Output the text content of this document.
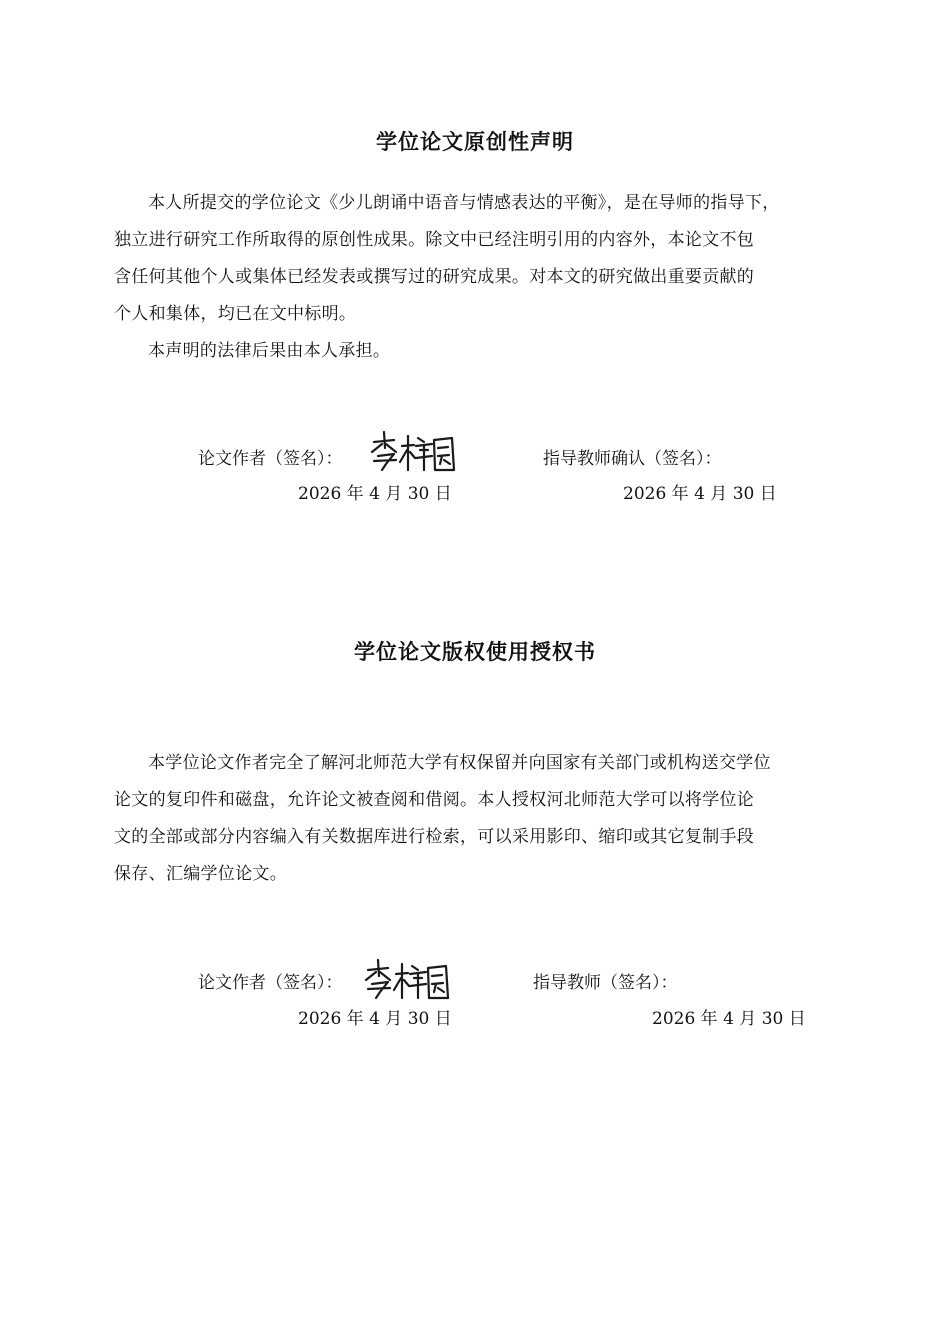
学位论文原创性声明

本人所提交的学位论文《少儿朗诵中语音与情感表达的平衡》，是在导师的指导下，

独立进行研究工作所取得的原创性成果。除文中已经注明引用的内容外，本论文不包

含任何其他个人或集体已经发表或撰写过的研究成果。对本文的研究做出重要贡献的

个人和集体，均已在文中标明。

本声明的法律后果由本人承担。

论文作者（签名）：
2026 年 4 月 30 日
指导教师确认（签名）：
2026 年 4 月 30 日
学位论文版权使用授权书

本学位论文作者完全了解河北师范大学有权保留并向国家有关部门或机构送交学位

论文的复印件和磁盘，允许论文被查阅和借阅。本人授权河北师范大学可以将学位论

文的全部或部分内容编入有关数据库进行检索，可以采用影印、缩印或其它复制手段

保存、汇编学位论文。

论文作者（签名）：
2026 年 4 月 30 日
指导教师（签名）：
2026 年 4 月 30 日
